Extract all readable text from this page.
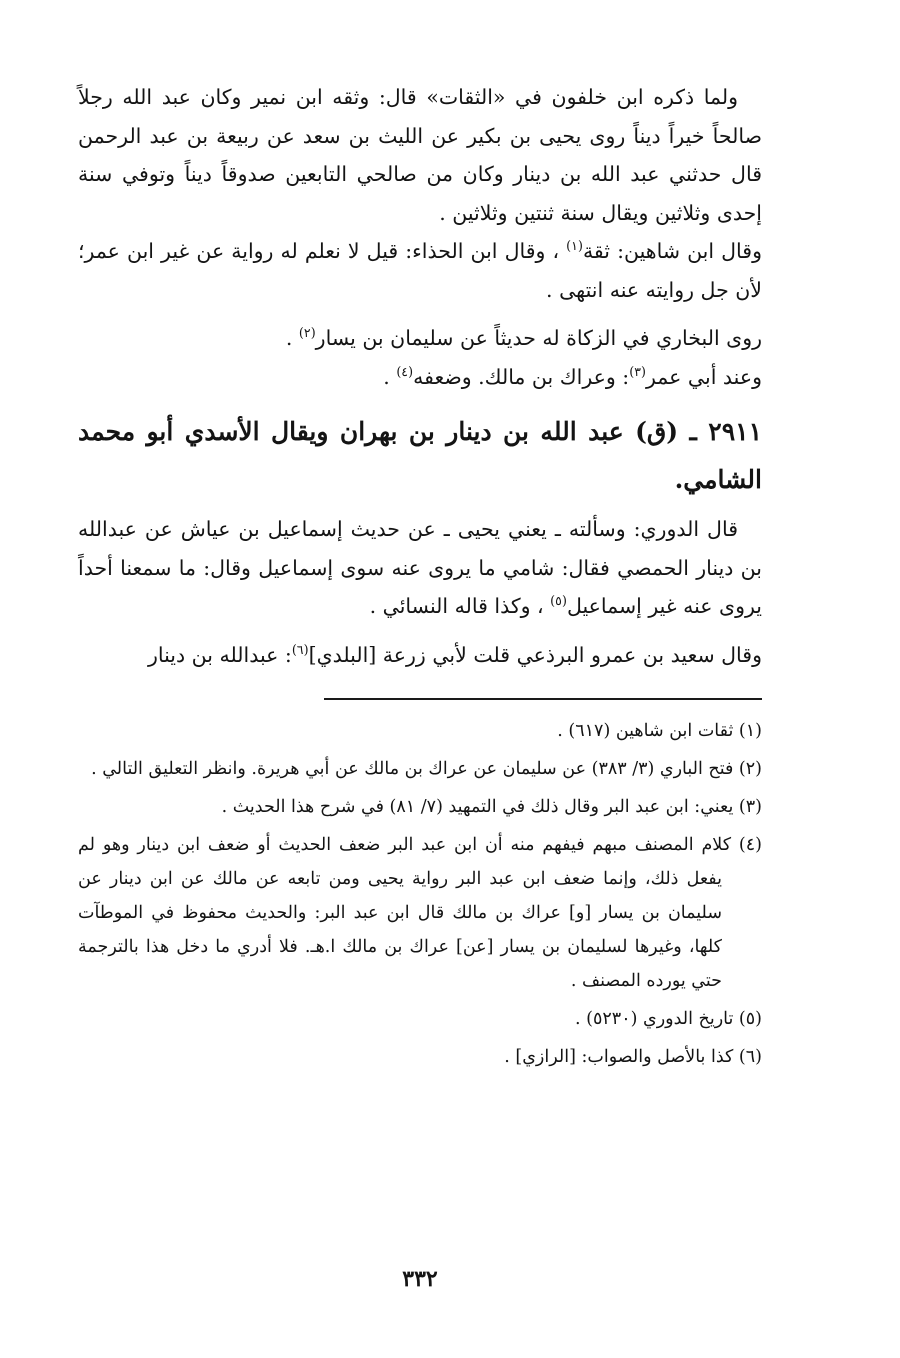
ولما ذكره ابن خلفون في «الثقات» قال: وثقه ابن نمير وكان عبد الله رجلاً صالحاً خيراً ديناً روى يحيى بن بكير عن الليث بن سعد عن ربيعة بن عبد الرحمن قال حدثني عبد الله بن دينار وكان من صالحي التابعين صدوقاً ديناً وتوفي سنة إحدى وثلاثين ويقال سنة ثنتين وثلاثين .

وقال ابن شاهين: ثقة$^{(١)}$ ، وقال ابن الحذاء: قيل لا نعلم له رواية عن غير ابن عمر؛ لأن جل روايته عنه انتهى .

روى البخاري في الزكاة له حديثاً عن سليمان بن يسار$^{(٢)}$ .

وعند أبي عمر$^{(٣)}$: وعراك بن مالك. وضعفه$^{(٤)}$ .

٢٩١١ ـ (ق) عبد الله بن دينار بن بهران ويقال الأسدي أبو محمد الشامي.

قال الدوري: وسألته ـ يعني يحيى ـ عن حديث إسماعيل بن عياش عن عبدالله بن دينار الحمصي فقال: شامي ما يروى عنه سوى إسماعيل وقال: ما سمعنا أحداً يروى عنه غير إسماعيل$^{(٥)}$ ، وكذا قاله النسائي .

وقال سعيد بن عمرو البرذعي قلت لأبي زرعة [البلدي]$^{(٦)}$: عبدالله بن دينار

(١) ثقات ابن شاهين (٦١٧) .

(٢) فتح الباري (٣/ ٣٨٣) عن سليمان عن عراك بن مالك عن أبي هريرة. وانظر التعليق التالي .

(٣) يعني: ابن عبد البر وقال ذلك في التمهيد (٧/ ٨١) في شرح هذا الحديث .

(٤) كلام المصنف مبهم فيفهم منه أن ابن عبد البر ضعف الحديث أو ضعف ابن دينار وهو لم يفعل ذلك، وإنما ضعف ابن عبد البر رواية يحيى ومن تابعه عن مالك عن ابن دينار عن سليمان بن يسار [و] عراك بن مالك قال ابن عبد البر: والحديث محفوظ في الموطآت كلها، وغيرها لسليمان بن يسار [عن] عراك بن مالك ا.هـ. فلا أدري ما دخل هذا بالترجمة حتي يورده المصنف .

(٥) تاريخ الدوري (٥٢٣٠) .

(٦) كذا بالأصل والصواب: [الرازي] .

٣٣٢
